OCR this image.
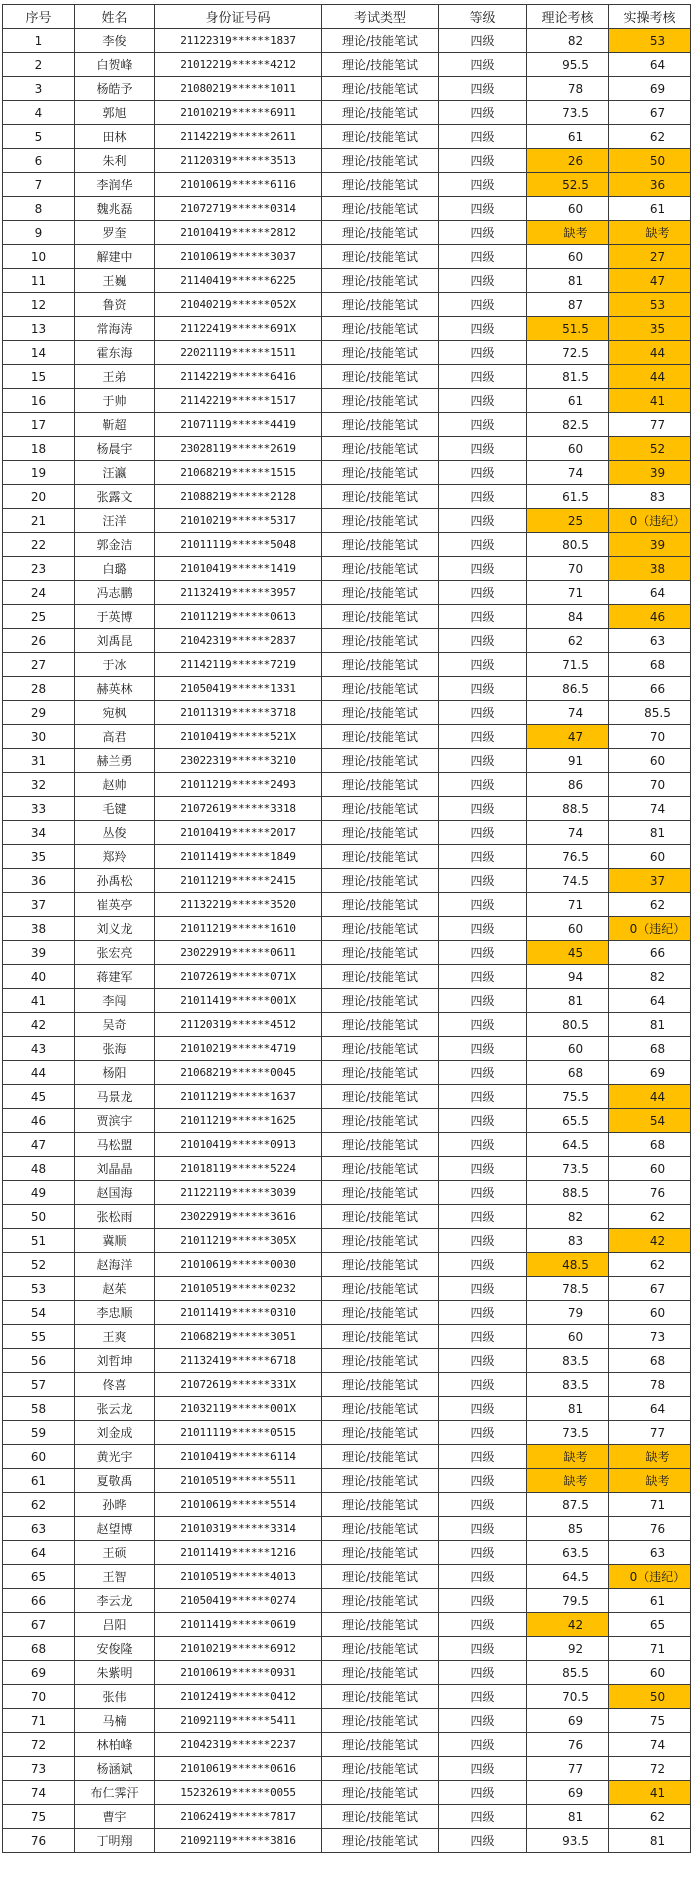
序号	姓名	身份证号码	考试类型	等级	理论考核	实操考核
1	李俊	21122319******1837	理论/技能笔试	四级	82	53
2	白贺峰	21012219******4212	理论/技能笔试	四级	95.5	64
3	杨皓予	21080219******1011	理论/技能笔试	四级	78	69
4	郭旭	21010219******6911	理论/技能笔试	四级	73.5	67
5	田林	21142219******2611	理论/技能笔试	四级	61	62
6	朱利	21120319******3513	理论/技能笔试	四级	26	50
7	李润华	21010619******6116	理论/技能笔试	四级	52.5	36
8	魏兆磊	21072719******0314	理论/技能笔试	四级	60	61
9	罗奎	21010419******2812	理论/技能笔试	四级	缺考	缺考
10	解建中	21010619******3037	理论/技能笔试	四级	60	27
11	王巍	21140419******6225	理论/技能笔试	四级	81	47
12	鲁资	21040219******052X	理论/技能笔试	四级	87	53
13	常海涛	21122419******691X	理论/技能笔试	四级	51.5	35
14	霍东海	22021119******1511	理论/技能笔试	四级	72.5	44
15	王弟	21142219******6416	理论/技能笔试	四级	81.5	44
16	于帅	21142219******1517	理论/技能笔试	四级	61	41
17	靳超	21071119******4419	理论/技能笔试	四级	82.5	77
18	杨晨宇	23028119******2619	理论/技能笔试	四级	60	52
19	汪瀛	21068219******1515	理论/技能笔试	四级	74	39
20	张露文	21088219******2128	理论/技能笔试	四级	61.5	83
21	汪洋	21010219******5317	理论/技能笔试	四级	25	0（违纪）
22	郭金洁	21011119******5048	理论/技能笔试	四级	80.5	39
23	白璐	21010419******1419	理论/技能笔试	四级	70	38
24	冯志鹏	21132419******3957	理论/技能笔试	四级	71	64
25	于英博	21011219******0613	理论/技能笔试	四级	84	46
26	刘禹昆	21042319******2837	理论/技能笔试	四级	62	63
27	于冰	21142119******7219	理论/技能笔试	四级	71.5	68
28	赫英林	21050419******1331	理论/技能笔试	四级	86.5	66
29	宛枫	21011319******3718	理论/技能笔试	四级	74	85.5
30	高君	21010419******521X	理论/技能笔试	四级	47	70
31	赫兰勇	23022319******3210	理论/技能笔试	四级	91	60
32	赵帅	21011219******2493	理论/技能笔试	四级	86	70
33	毛键	21072619******3318	理论/技能笔试	四级	88.5	74
34	丛俊	21010419******2017	理论/技能笔试	四级	74	81
35	郑羚	21011419******1849	理论/技能笔试	四级	76.5	60
36	孙禹松	21011219******2415	理论/技能笔试	四级	74.5	37
37	崔英亭	21132219******3520	理论/技能笔试	四级	71	62
38	刘义龙	21011219******1610	理论/技能笔试	四级	60	0（违纪）
39	张宏亮	23022919******0611	理论/技能笔试	四级	45	66
40	蒋建军	21072619******071X	理论/技能笔试	四级	94	82
41	李闯	21011419******001X	理论/技能笔试	四级	81	64
42	吴奇	21120319******4512	理论/技能笔试	四级	80.5	81
43	张海	21010219******4719	理论/技能笔试	四级	60	68
44	杨阳	21068219******0045	理论/技能笔试	四级	68	69
45	马景龙	21011219******1637	理论/技能笔试	四级	75.5	44
46	贾滨宇	21011219******1625	理论/技能笔试	四级	65.5	54
47	马松盟	21010419******0913	理论/技能笔试	四级	64.5	68
48	刘晶晶	21018119******5224	理论/技能笔试	四级	73.5	60
49	赵国海	21122119******3039	理论/技能笔试	四级	88.5	76
50	张松雨	23022919******3616	理论/技能笔试	四级	82	62
51	冀顺	21011219******305X	理论/技能笔试	四级	83	42
52	赵海洋	21010619******0030	理论/技能笔试	四级	48.5	62
53	赵茱	21010519******0232	理论/技能笔试	四级	78.5	67
54	李忠顺	21011419******0310	理论/技能笔试	四级	79	60
55	王爽	21068219******3051	理论/技能笔试	四级	60	73
56	刘哲坤	21132419******6718	理论/技能笔试	四级	83.5	68
57	佟喜	21072619******331X	理论/技能笔试	四级	83.5	78
58	张云龙	21032119******001X	理论/技能笔试	四级	81	64
59	刘金成	21011119******0515	理论/技能笔试	四级	73.5	77
60	黄光宇	21010419******6114	理论/技能笔试	四级	缺考	缺考
61	夏敬禹	21010519******5511	理论/技能笔试	四级	缺考	缺考
62	孙晔	21010619******5514	理论/技能笔试	四级	87.5	71
63	赵望博	21010319******3314	理论/技能笔试	四级	85	76
64	王硕	21011419******1216	理论/技能笔试	四级	63.5	63
65	王智	21010519******4013	理论/技能笔试	四级	64.5	0（违纪）
66	李云龙	21050419******0274	理论/技能笔试	四级	79.5	61
67	吕阳	21011419******0619	理论/技能笔试	四级	42	65
68	安俊隆	21010219******6912	理论/技能笔试	四级	92	71
69	朱紫明	21010619******0931	理论/技能笔试	四级	85.5	60
70	张伟	21012419******0412	理论/技能笔试	四级	70.5	50
71	马楠	21092119******5411	理论/技能笔试	四级	69	75
72	林柏峰	21042319******2237	理论/技能笔试	四级	76	74
73	杨涵斌	21010619******0616	理论/技能笔试	四级	77	72
74	布仁霁汗	15232619******0055	理论/技能笔试	四级	69	41
75	曹宇	21062419******7817	理论/技能笔试	四级	81	62
76	丁明翔	21092119******3816	理论/技能笔试	四级	93.5	81
